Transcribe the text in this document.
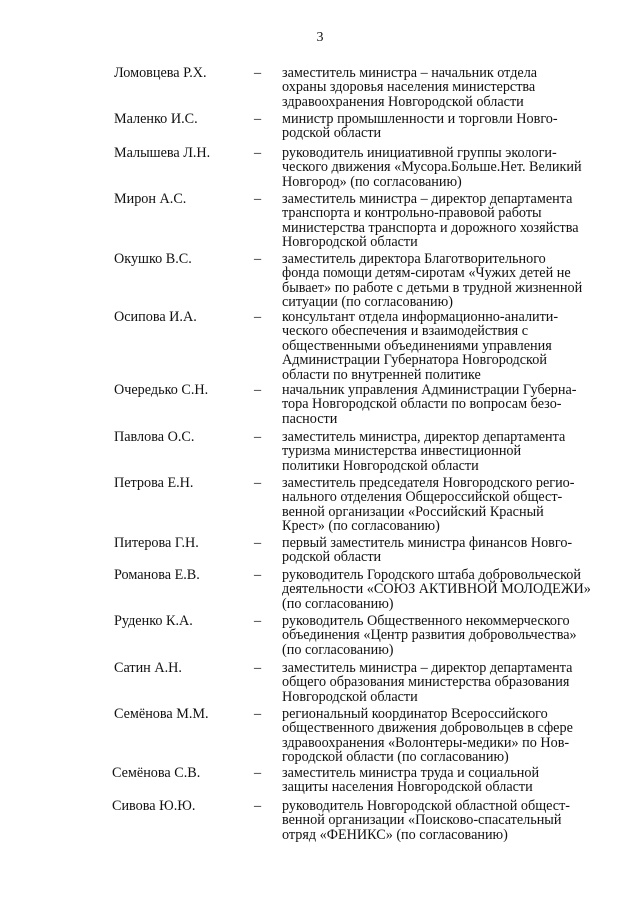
3
Ломовцева Р.Х.	– заместитель министра – начальник отдела
охраны здоровья населения министерства
здравоохранения Новгородской области
Маленко И.С.	– министр промышленности и торговли Новго-
родской области
Малышева Л.Н.	– руководитель инициативной группы экологи-
ческого движения «Мусора.Больше.Нет. Великий
Новгород» (по согласованию)
Мирон А.С.	– заместитель министра – директор департамента
транспорта и контрольно-правовой работы
министерства транспорта и дорожного хозяйства
Новгородской области
Окушко В.С.	– заместитель директора Благотворительного
фонда помощи детям-сиротам «Чужих детей не
бывает» по работе с детьми в трудной жизненной
ситуации (по согласованию)
Осипова И.А.	– консультант отдела информационно-аналити-
ческого обеспечения и взаимодействия с
общественными объединениями управления
Администрации Губернатора Новгородской
области по внутренней политике
Очередько С.Н.	– начальник управления Администрации Губерна-
тора Новгородской области по вопросам безо-
пасности
Павлова О.С.	– заместитель министра, директор департамента
туризма министерства инвестиционной
политики Новгородской области
Петрова Е.Н.	– заместитель председателя Новгородского регио-
нального отделения Общероссийской общест-
венной организации «Российский Красный
Крест» (по согласованию)
Питерова Г.Н.	– первый заместитель министра финансов Новго-
родской области
Романова Е.В.	– руководитель Городского штаба добровольческой
деятельности «СОЮЗ АКТИВНОЙ МОЛОДЕЖИ»
(по согласованию)
Руденко К.А.	– руководитель Общественного некоммерческого
объединения «Центр развития добровольчества»
(по согласованию)
Сатин А.Н.	– заместитель министра – директор департамента
общего образования министерства образования
Новгородской области
Семёнова М.М.	– региональный координатор Всероссийского
общественного движения добровольцев в сфере
здравоохранения «Волонтеры-медики» по Нов-
городской области (по согласованию)
Семёнова С.В.	– заместитель министра труда и социальной
защиты населения Новгородской области
Сивова Ю.Ю.	– руководитель Новгородской областной общест-
венной организации «Поисково-спасательный
отряд «ФЕНИКС» (по согласованию)
